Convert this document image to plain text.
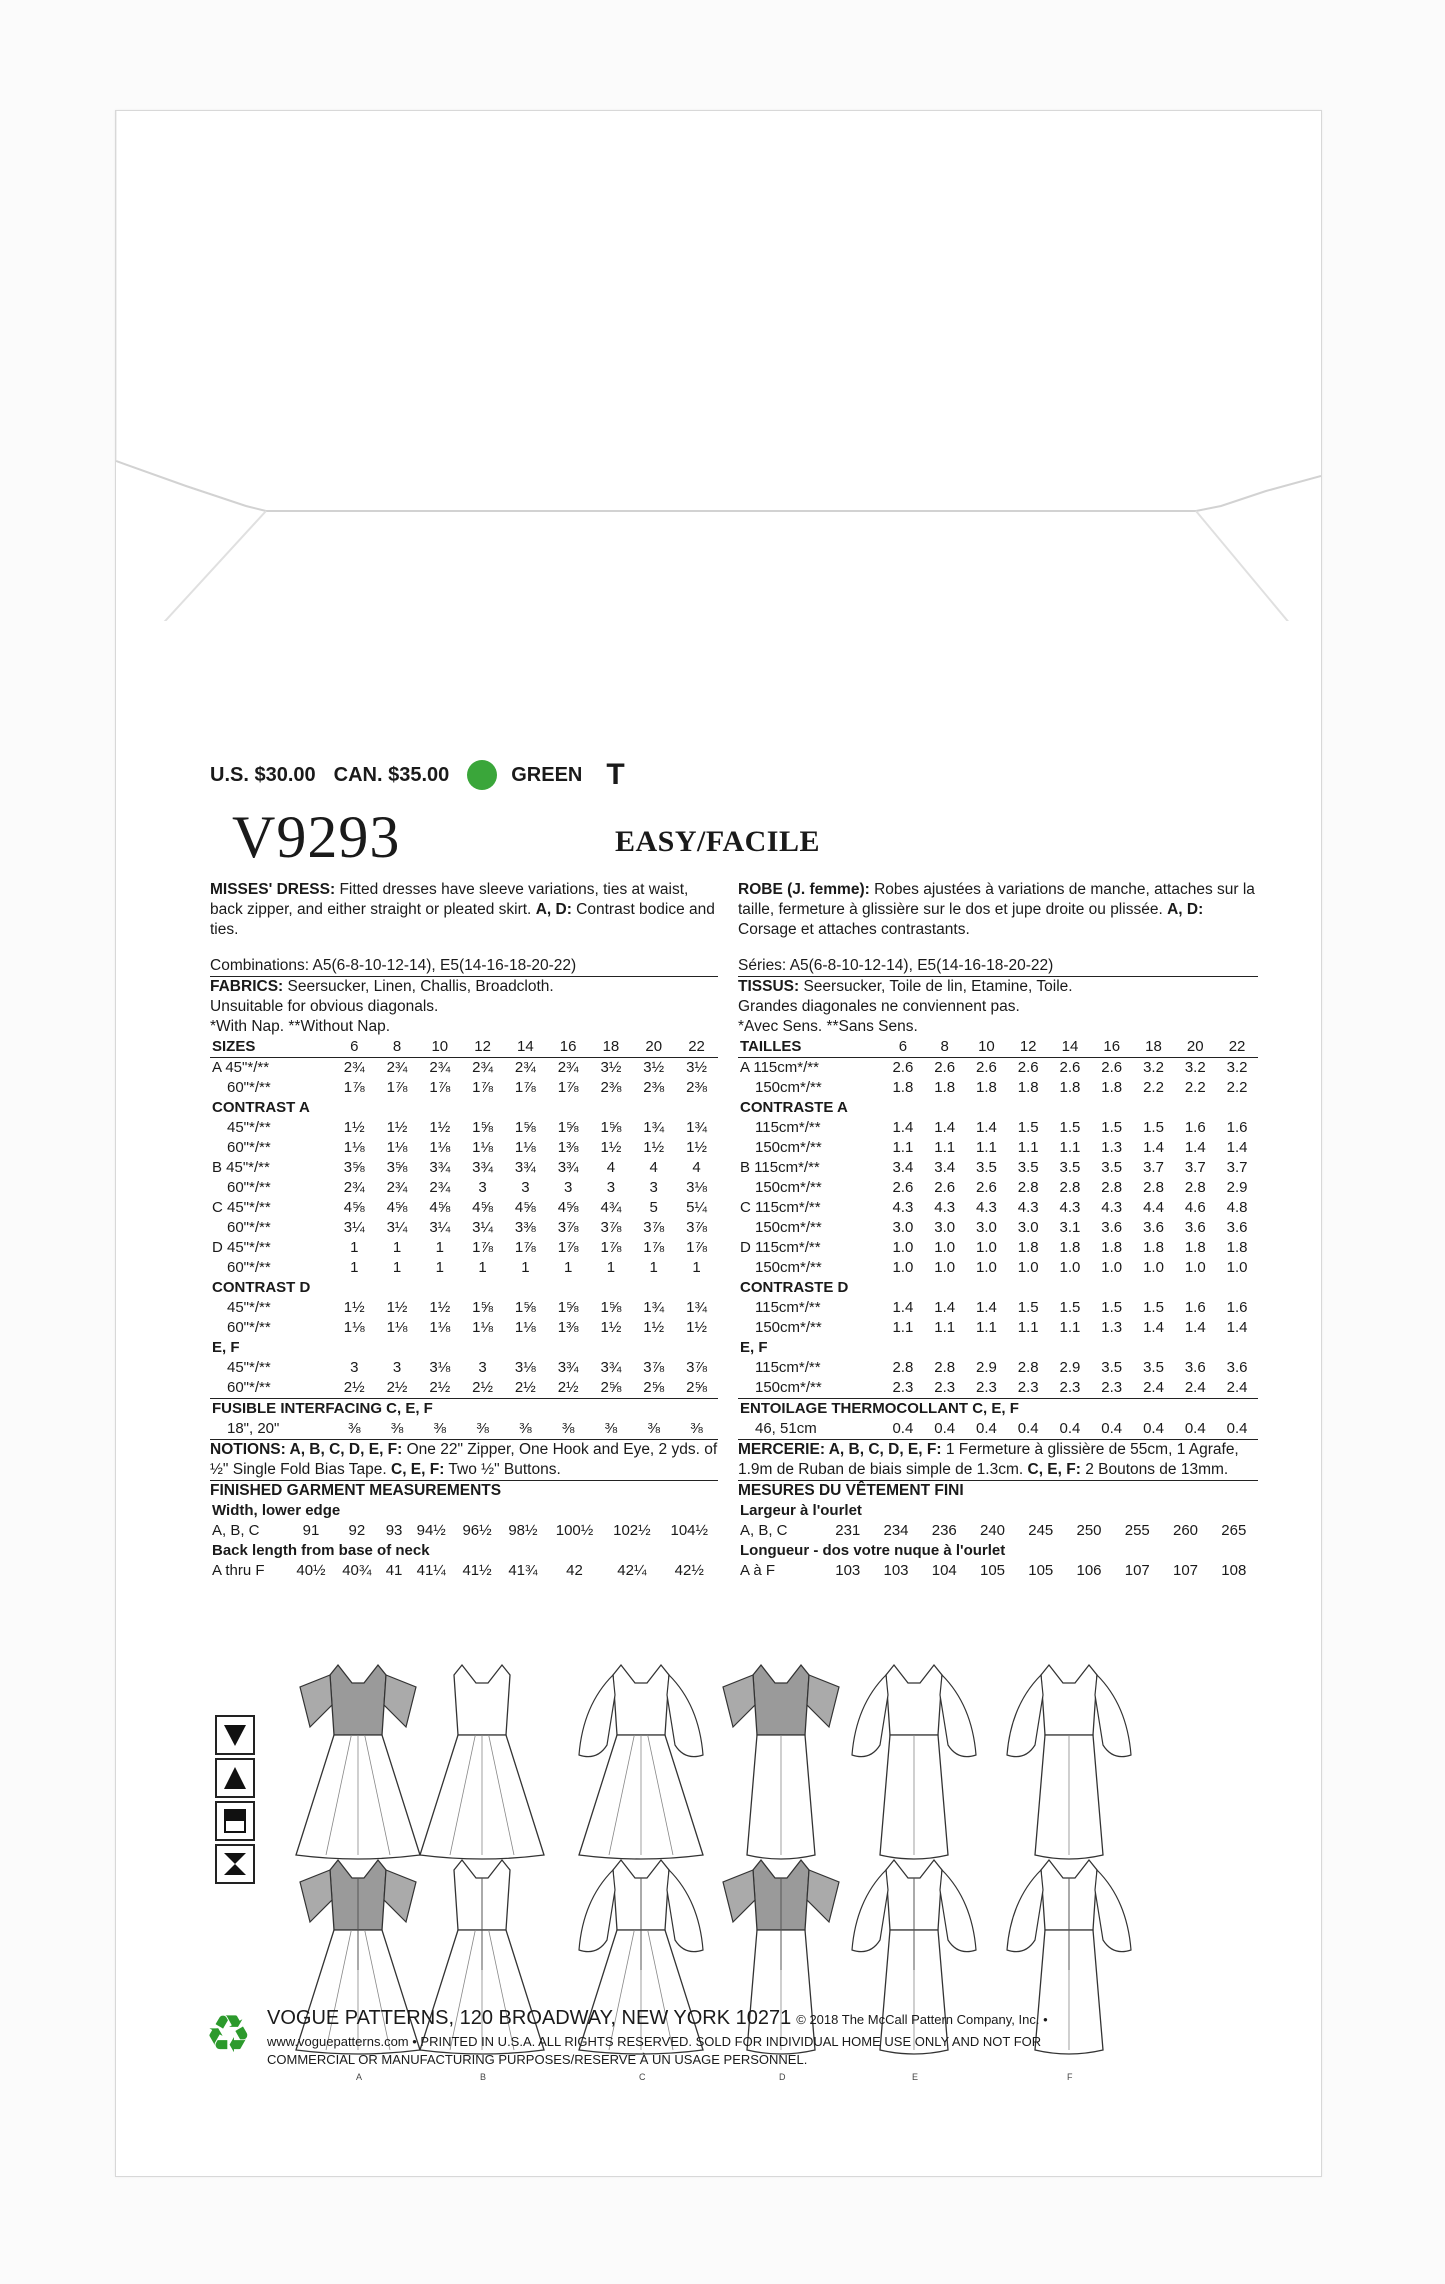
U.S. $30.00 CAN. $35.00	GREEN T
V9293	EASY/FACILE
MISSES' DRESS: Fitted dresses have sleeve variations, ties at waist, back zipper, and either straight or pleated skirt. A, D: Contrast bodice and ties.
Combinations: A5(6-8-10-12-14), E5(14-16-18-20-22)
FABRICS: Seersucker, Linen, Challis, Broadcloth.
Unsuitable for obvious diagonals.
*With Nap. **Without Nap.
SIZES	6	8	10	12	14	16	18	20	22
A 45"*/**	2¾	2¾	2¾	2¾	2¾	2¾	3½	3½	3½
 60"*/**	1⅞	1⅞	1⅞	1⅞	1⅞	1⅞	2⅜	2⅜	2⅜
CONTRAST A									
 45"*/**	1½	1½	1½	1⅝	1⅝	1⅝	1⅝	1¾	1¾
 60"*/**	1⅛	1⅛	1⅛	1⅛	1⅛	1⅜	1½	1½	1½
B 45"*/**	3⅝	3⅝	3¾	3¾	3¾	3¾	4	4	4
 60"*/**	2¾	2¾	2¾	3	3	3	3	3	3⅛
C 45"*/**	4⅝	4⅝	4⅝	4⅝	4⅝	4⅝	4¾	5	5¼
 60"*/**	3¼	3¼	3¼	3¼	3⅜	3⅞	3⅞	3⅞	3⅞
D 45"*/**	1	1	1	1⅞	1⅞	1⅞	1⅞	1⅞	1⅞
 60"*/**	1	1	1	1	1	1	1	1	1
CONTRAST D									
 45"*/**	1½	1½	1½	1⅝	1⅝	1⅝	1⅝	1¾	1¾
 60"*/**	1⅛	1⅛	1⅛	1⅛	1⅛	1⅜	1½	1½	1½
E, F									
 45"*/**	3	3	3⅛	3	3⅛	3¾	3¾	3⅞	3⅞
 60"*/**	2½	2½	2½	2½	2½	2½	2⅝	2⅝	2⅝
FUSIBLE INTERFACING C, E, F									
 18", 20"	⅜	⅜	⅜	⅜	⅜	⅜	⅜	⅜	⅜
NOTIONS: A, B, C, D, E, F: One 22" Zipper, One Hook and Eye, 2 yds. of ½" Single Fold Bias Tape. C, E, F: Two ½" Buttons.
FINISHED GARMENT MEASUREMENTS
Width, lower edge									
A, B, C	91	92	93	94½	96½	98½	100½	102½	104½
Back length from base of neck									
A thru F	40½	40¾	41	41¼	41½	41¾	42	42¼	42½
ROBE (J. femme): Robes ajustées à variations de manche, attaches sur la taille, fermeture à glissière sur le dos et jupe droite ou plissée. A, D: Corsage et attaches contrastants.
Séries: A5(6-8-10-12-14), E5(14-16-18-20-22)
TISSUS: Seersucker, Toile de lin, Etamine, Toile.
Grandes diagonales ne conviennent pas.
*Avec Sens. **Sans Sens.
TAILLES	6	8	10	12	14	16	18	20	22
A 115cm*/**	2.6	2.6	2.6	2.6	2.6	2.6	3.2	3.2	3.2
 150cm*/**	1.8	1.8	1.8	1.8	1.8	1.8	2.2	2.2	2.2
CONTRASTE A									
 115cm*/**	1.4	1.4	1.4	1.5	1.5	1.5	1.5	1.6	1.6
 150cm*/**	1.1	1.1	1.1	1.1	1.1	1.3	1.4	1.4	1.4
B 115cm*/**	3.4	3.4	3.5	3.5	3.5	3.5	3.7	3.7	3.7
 150cm*/**	2.6	2.6	2.6	2.8	2.8	2.8	2.8	2.8	2.9
C 115cm*/**	4.3	4.3	4.3	4.3	4.3	4.3	4.4	4.6	4.8
 150cm*/**	3.0	3.0	3.0	3.0	3.1	3.6	3.6	3.6	3.6
D 115cm*/**	1.0	1.0	1.0	1.8	1.8	1.8	1.8	1.8	1.8
 150cm*/**	1.0	1.0	1.0	1.0	1.0	1.0	1.0	1.0	1.0
CONTRASTE D									
 115cm*/**	1.4	1.4	1.4	1.5	1.5	1.5	1.5	1.6	1.6
 150cm*/**	1.1	1.1	1.1	1.1	1.1	1.3	1.4	1.4	1.4
E, F									
 115cm*/**	2.8	2.8	2.9	2.8	2.9	3.5	3.5	3.6	3.6
 150cm*/**	2.3	2.3	2.3	2.3	2.3	2.3	2.4	2.4	2.4
ENTOILAGE THERMOCOLLANT C, E, F									
 46, 51cm	0.4	0.4	0.4	0.4	0.4	0.4	0.4	0.4	0.4
MERCERIE: A, B, C, D, E, F: 1 Fermeture à glissière de 55cm, 1 Agrafe, 1.9m de Ruban de biais simple de 1.3cm. C, E, F: 2 Boutons de 13mm.
MESURES DU VÊTEMENT FINI
Largeur à l'ourlet									
A, B, C	231	234	236	240	245	250	255	260	265
Longueur - dos votre nuque à l'ourlet									
A à F	103	103	104	105	105	106	107	107	108
A	B	C	D	E	F
♻ VOGUE PATTERNS, 120 BROADWAY, NEW YORK 10271 © 2018 The McCall Pattern Company, Inc. •
www.voguepatterns.com • PRINTED IN U.S.A. ALL RIGHTS RESERVED. SOLD FOR INDIVIDUAL HOME USE ONLY AND NOT FOR
COMMERCIAL OR MANUFACTURING PURPOSES/RESERVE À UN USAGE PERSONNEL.
